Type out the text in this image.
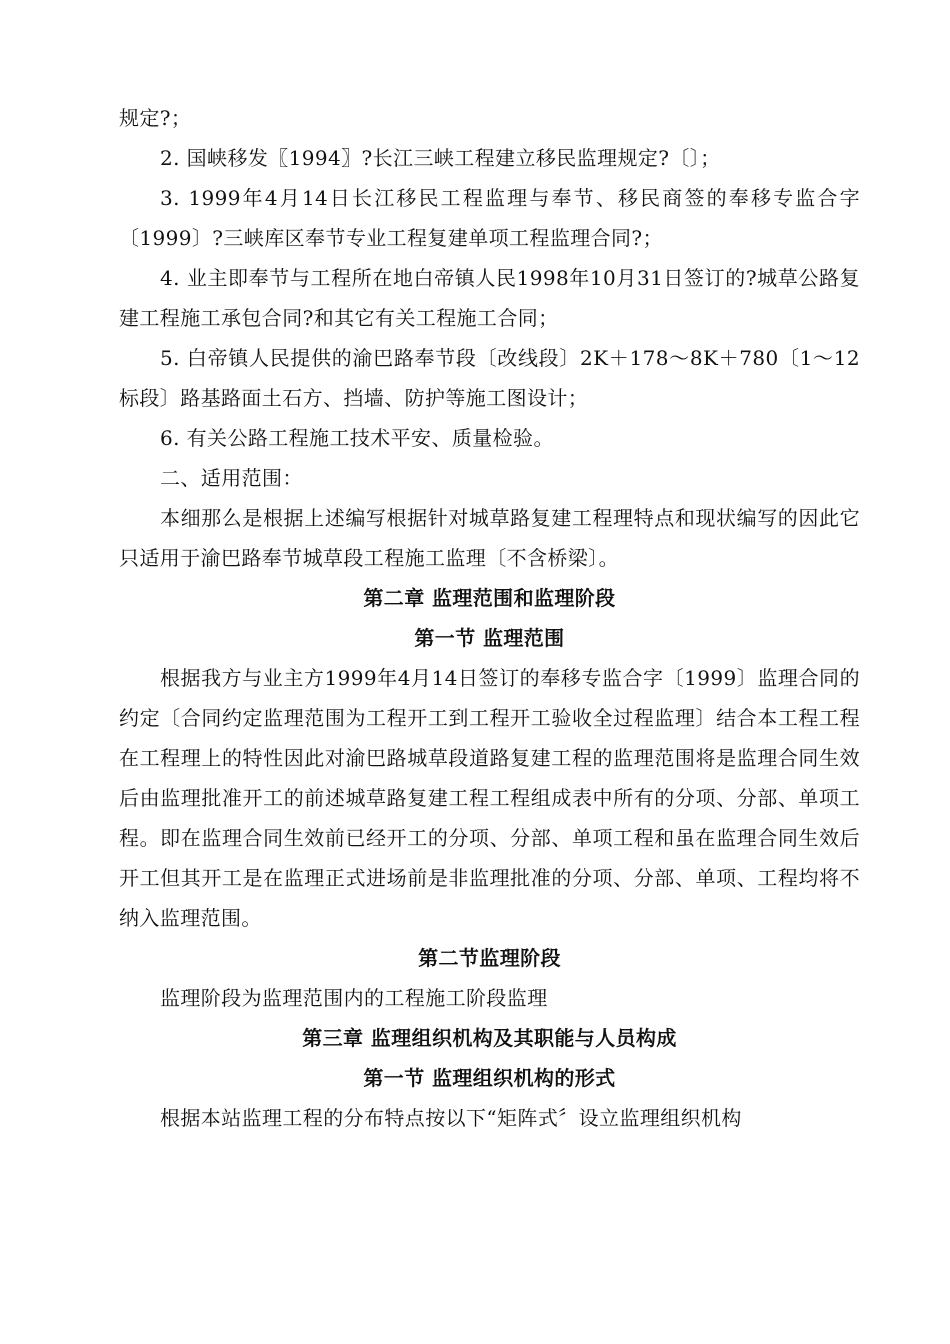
规定?；

2. 国峡移发〖1994〗?长江三峡工程建立移民监理规定?〔〕；

3. 1999年4月14日长江移民工程监理与奉节、移民商签的奉移专监合字〔1999〕?三峡库区奉节专业工程复建单项工程监理合同?；

4. 业主即奉节与工程所在地白帝镇人民1998年10月31日签订的?城草公路复建工程施工承包合同?和其它有关工程施工合同；

5. 白帝镇人民提供的渝巴路奉节段〔改线段〕2K＋178～8K＋780〔1～12标段〕路基路面土石方、挡墙、防护等施工图设计；

6. 有关公路工程施工技术平安、质量检验。

二、适用范围：

本细那么是根据上述编写根据针对城草路复建工程理特点和现状编写的因此它只适用于渝巴路奉节城草段工程施工监理〔不含桥梁〕。

第二章 监理范围和监理阶段

第一节 监理范围

根据我方与业主方1999年4月14日签订的奉移专监合字〔1999〕监理合同的约定〔合同约定监理范围为工程开工到工程开工验收全过程监理〕结合本工程工程在工程理上的特性因此对渝巴路城草段道路复建工程的监理范围将是监理合同生效后由监理批准开工的前述城草路复建工程工程组成表中所有的分项、分部、单项工程。即在监理合同生效前已经开工的分项、分部、单项工程和虽在监理合同生效后开工但其开工是在监理正式进场前是非监理批准的分项、分部、单项、工程均将不纳入监理范围。

第二节监理阶段

监理阶段为监理范围内的工程施工阶段监理

第三章 监理组织机构及其职能与人员构成

第一节 监理组织机构的形式

根据本站监理工程的分布特点按以下“矩阵式〞设立监理组织机构
